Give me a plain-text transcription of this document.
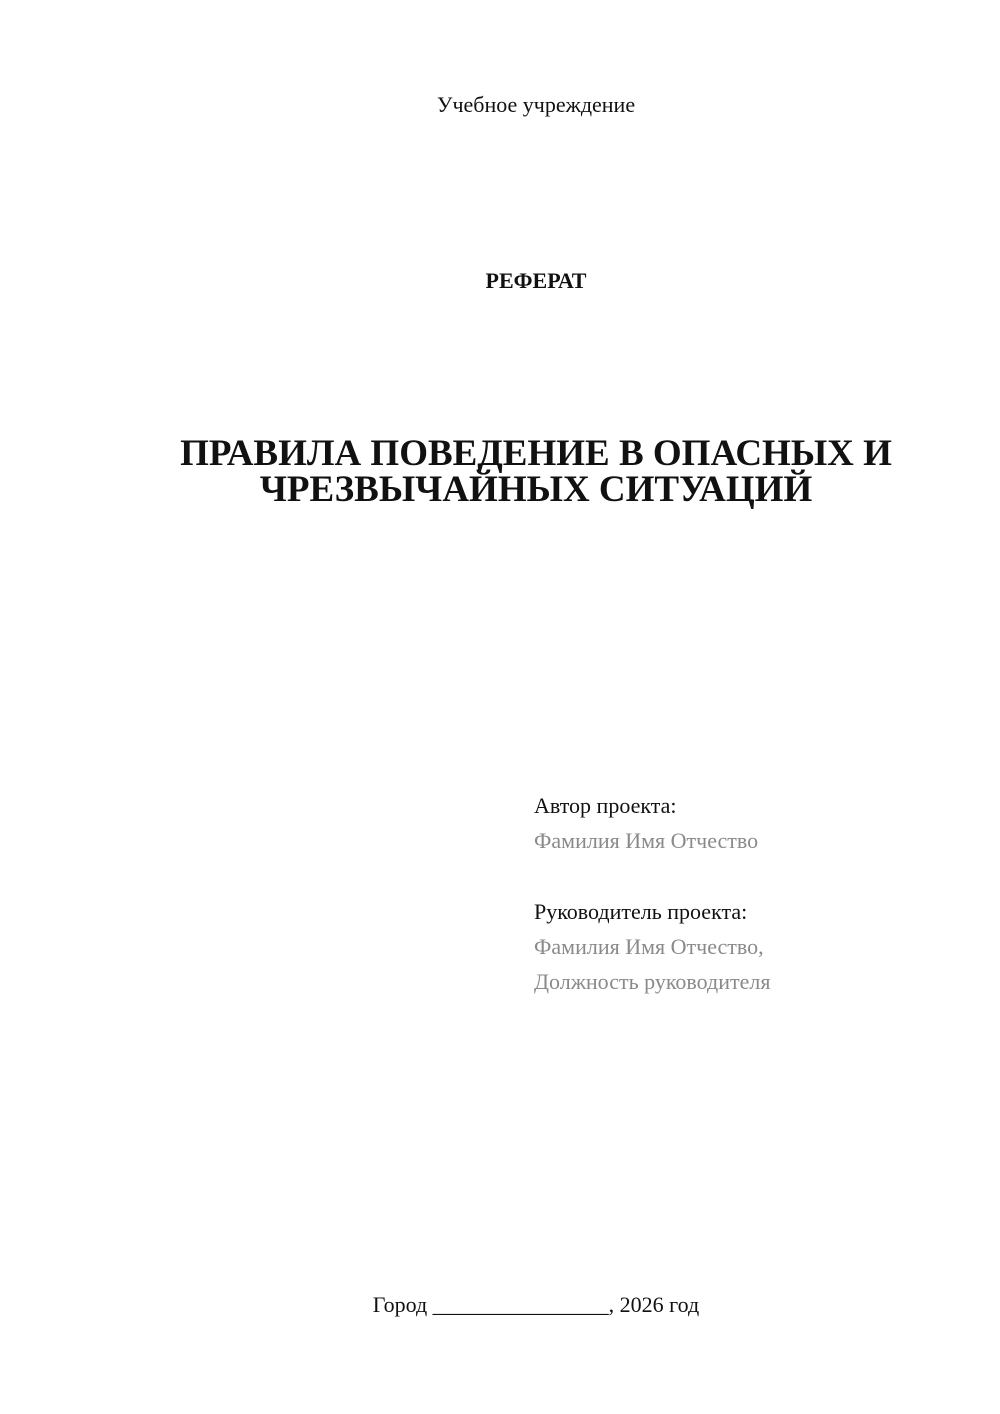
Учебное учреждение
РЕФЕРАТ
ПРАВИЛА ПОВЕДЕНИЕ В ОПАСНЫХ И
ЧРЕЗВЫЧАЙНЫХ СИТУАЦИЙ
Автор проекта:
Фамилия Имя Отчество
Руководитель проекта:
Фамилия Имя Отчество,
Должность руководителя
Город ________________, 2026 год
